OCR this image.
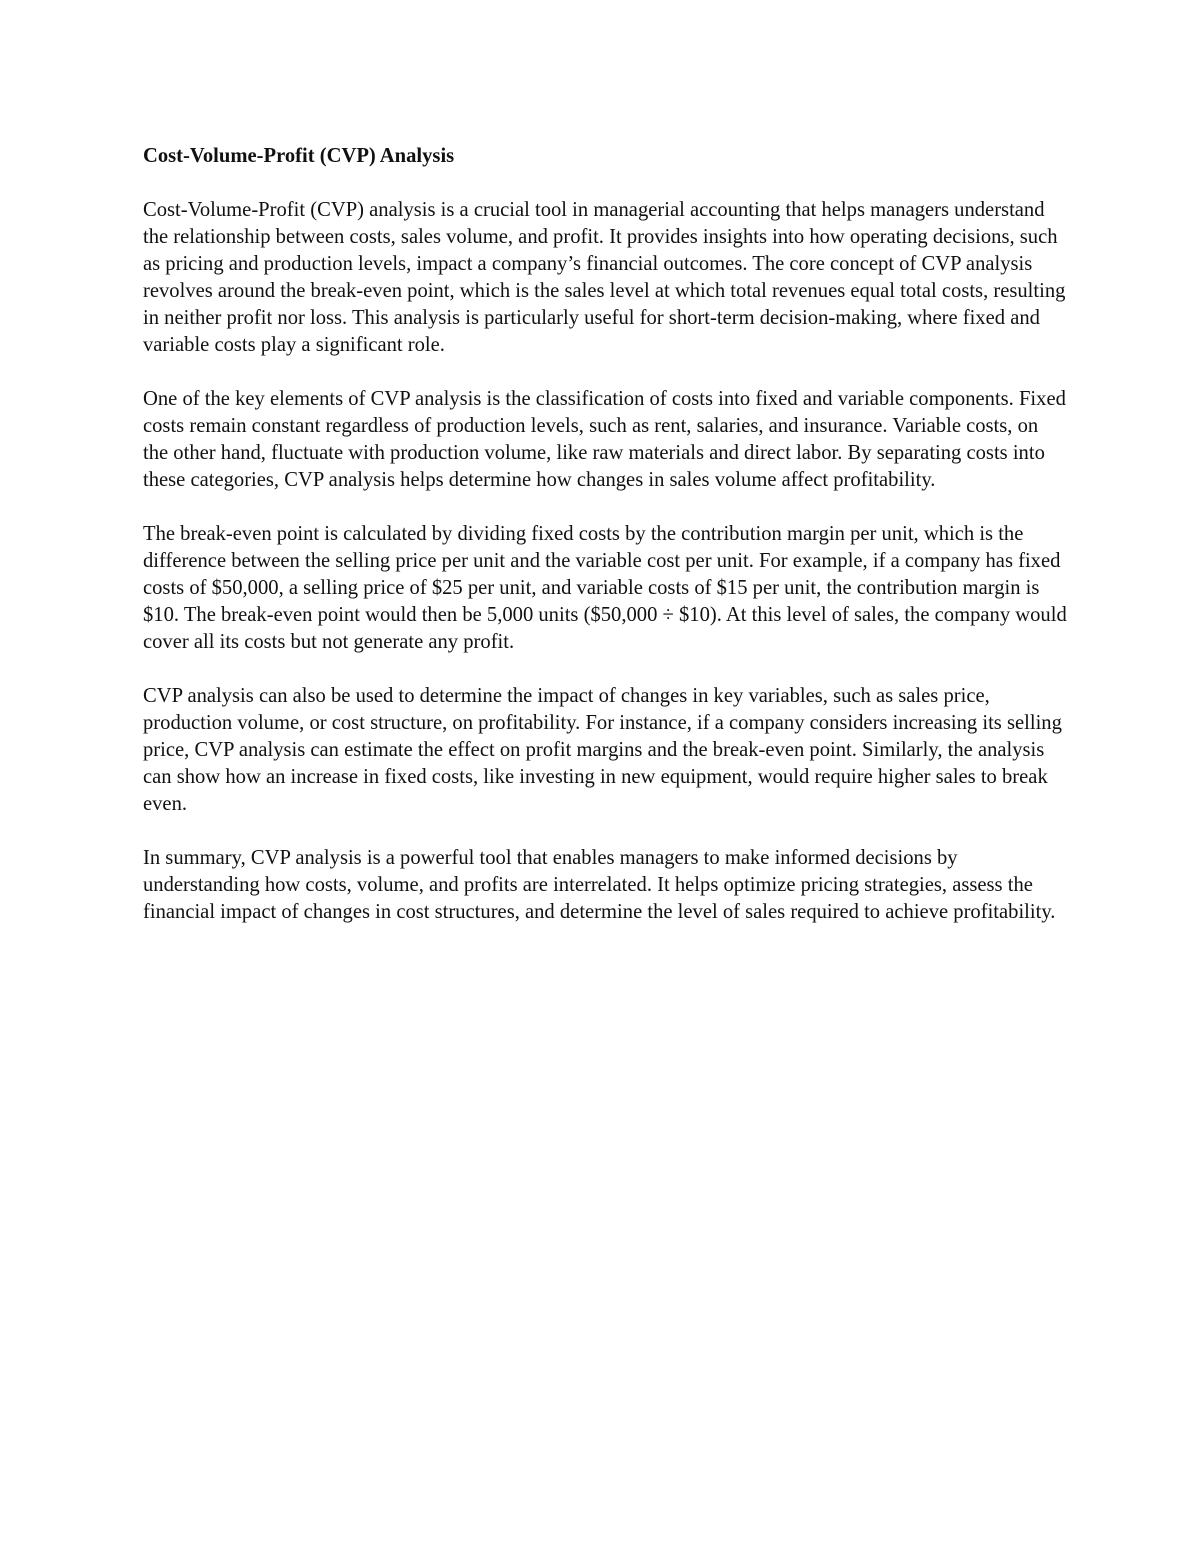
Cost-Volume-Profit (CVP) Analysis

Cost-Volume-Profit (CVP) analysis is a crucial tool in managerial accounting that helps managers understand the relationship between costs, sales volume, and profit. It provides insights into how operating decisions, such as pricing and production levels, impact a company’s financial outcomes. The core concept of CVP analysis revolves around the break-even point, which is the sales level at which total revenues equal total costs, resulting in neither profit nor loss. This analysis is particularly useful for short-term decision-making, where fixed and variable costs play a significant role.

One of the key elements of CVP analysis is the classification of costs into fixed and variable components. Fixed costs remain constant regardless of production levels, such as rent, salaries, and insurance. Variable costs, on the other hand, fluctuate with production volume, like raw materials and direct labor. By separating costs into these categories, CVP analysis helps determine how changes in sales volume affect profitability.

The break-even point is calculated by dividing fixed costs by the contribution margin per unit, which is the difference between the selling price per unit and the variable cost per unit. For example, if a company has fixed costs of $50,000, a selling price of $25 per unit, and variable costs of $15 per unit, the contribution margin is $10. The break-even point would then be 5,000 units ($50,000 ÷ $10). At this level of sales, the company would cover all its costs but not generate any profit.

CVP analysis can also be used to determine the impact of changes in key variables, such as sales price, production volume, or cost structure, on profitability. For instance, if a company considers increasing its selling price, CVP analysis can estimate the effect on profit margins and the break-even point. Similarly, the analysis can show how an increase in fixed costs, like investing in new equipment, would require higher sales to break even.

In summary, CVP analysis is a powerful tool that enables managers to make informed decisions by understanding how costs, volume, and profits are interrelated. It helps optimize pricing strategies, assess the financial impact of changes in cost structures, and determine the level of sales required to achieve profitability.
